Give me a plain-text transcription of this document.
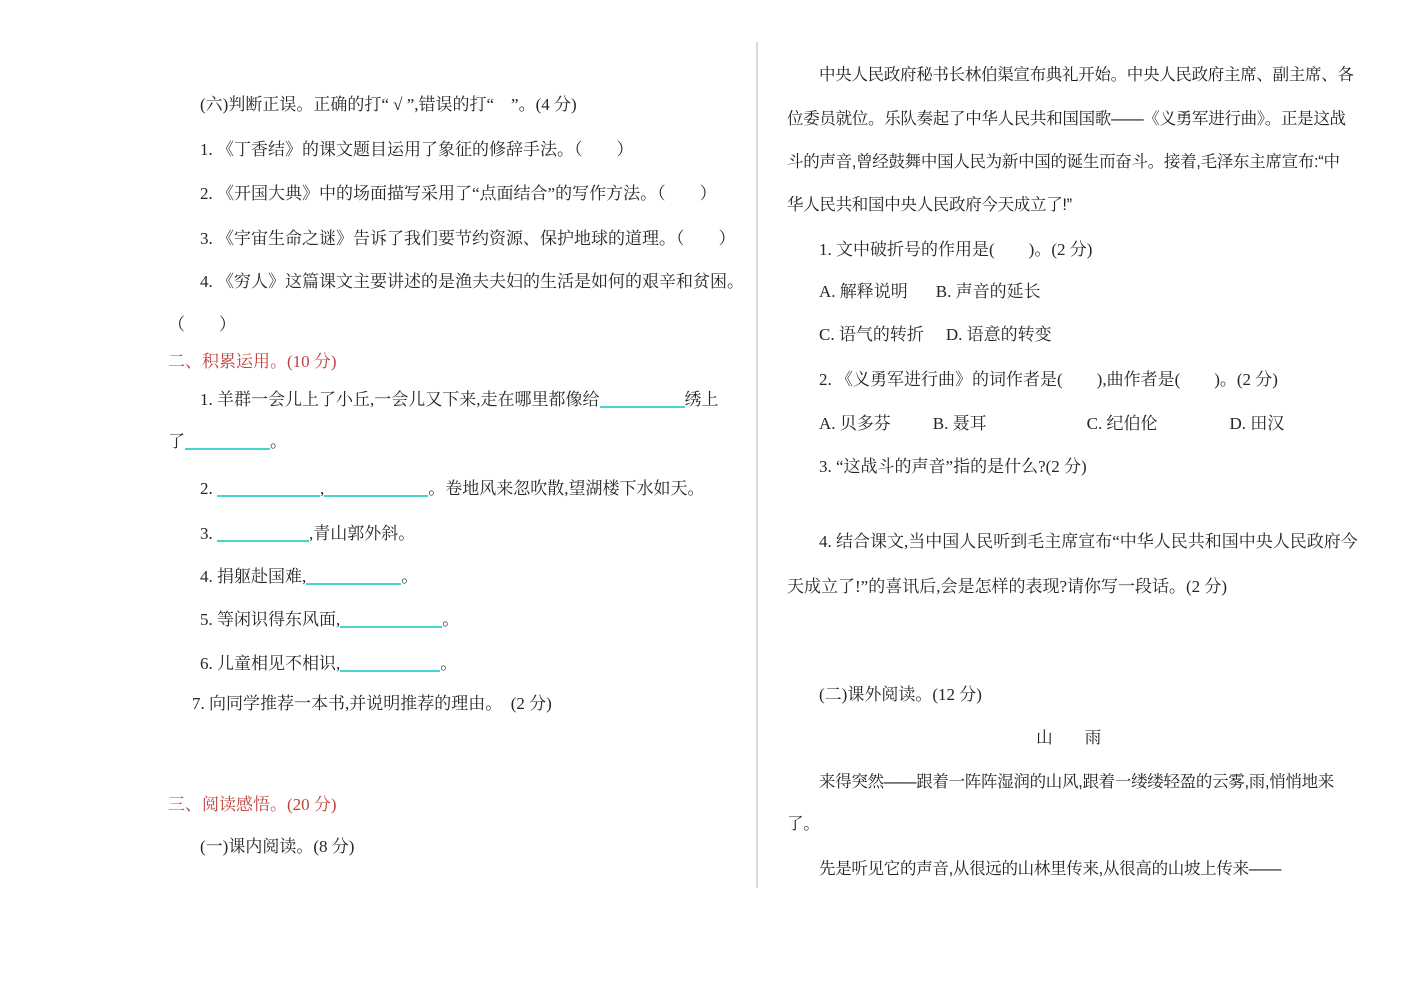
(六)判断正误。正确的打“ √ ”,错误的打“　”。(4 分)
1. 《丁香结》的课文题目运用了象征的修辞手法。（　　）
2. 《开国大典》中的场面描写采用了“点面结合”的写作方法。（　　）
3. 《宇宙生命之谜》告诉了我们要节约资源、保护地球的道理。（　　）
4. 《穷人》这篇课文主要讲述的是渔夫夫妇的生活是如何的艰辛和贫困。
（　　）
二、积累运用。(10 分)
1. 羊群一会儿上了小丘,一会儿又下来,走在哪里都像给	绣上
了	。
2.	,	。卷地风来忽吹散,望湖楼下水如天。
3.	,青山郭外斜。
4. 捐躯赴国难,	。
5. 等闲识得东风面,	。
6. 儿童相见不相识,	。
7. 向同学推荐一本书,并说明推荐的理由。　(2 分)
三、阅读感悟。(20 分)
(一)课内阅读。(8 分)
中央人民政府秘书长林伯渠宣布典礼开始。中央人民政府主席、副主席、各
位委员就位。乐队奏起了中华人民共和国国歌——《义勇军进行曲》。正是这战
斗的声音,曾经鼓舞中国人民为新中国的诞生而奋斗。接着,毛泽东主席宣布:“中
华人民共和国中央人民政府今天成立了!”
1. 文中破折号的作用是(　　)。(2 分)
A. 解释说明 B. 声音的延长
C. 语气的转折 D. 语意的转变
2. 《义勇军进行曲》的词作者是(　　),曲作者是(　　)。(2 分)
A. 贝多芬 B. 聂耳	C. 纪伯伦	D. 田汉
3. “这战斗的声音”指的是什么?(2 分)
4. 结合课文,当中国人民听到毛主席宣布“中华人民共和国中央人民政府今
天成立了!”的喜讯后,会是怎样的表现?请你写一段话。(2 分)
(二)课外阅读。(12 分)
山　　雨
来得突然——跟着一阵阵湿润的山风,跟着一缕缕轻盈的云雾,雨,悄悄地来
了。
先是听见它的声音,从很远的山林里传来,从很高的山坡上传来——
